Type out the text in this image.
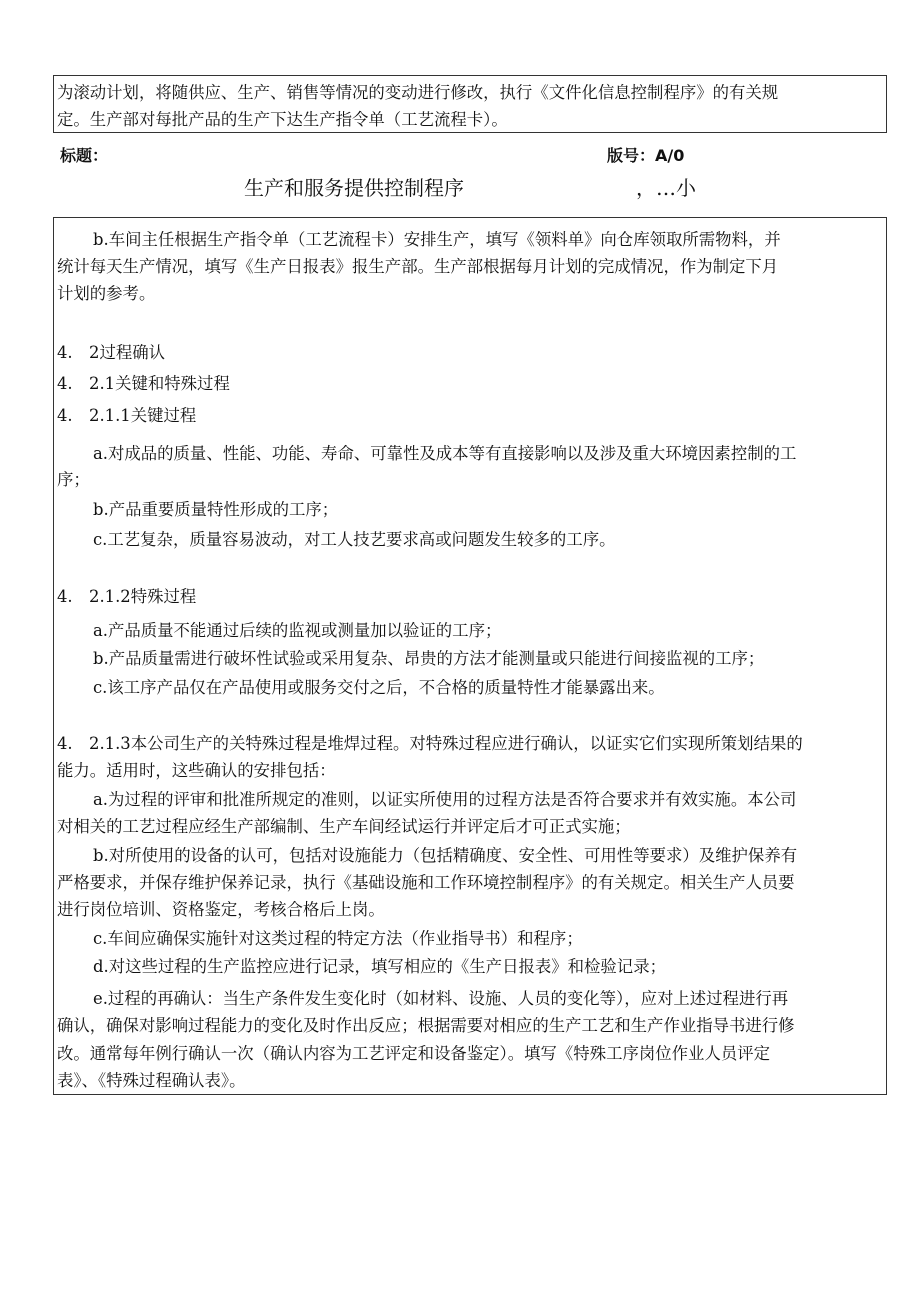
为滚动计划，将随供应、生产、销售等情况的变动进行修改，执行《文件化信息控制程序》的有关规
定。生产部对每批产品的生产下达生产指令单（工艺流程卡）。
标题：	版号：A/0
生产和服务提供控制程序	，…小
b.车间主任根据生产指令单（工艺流程卡）安排生产，填写《领料单》向仓库领取所需物料，并
统计每天生产情况，填写《生产日报表》报生产部。生产部根据每月计划的完成情况，作为制定下月
计划的参考。
4.　2过程确认
4.　2.1关键和特殊过程
4.　2.1.1关键过程
a.对成品的质量、性能、功能、寿命、可靠性及成本等有直接影响以及涉及重大环境因素控制的工
序；
b.产品重要质量特性形成的工序；
c.工艺复杂，质量容易波动，对工人技艺要求高或问题发生较多的工序。
4.　2.1.2特殊过程
a.产品质量不能通过后续的监视或测量加以验证的工序；
b.产品质量需进行破坏性试验或采用复杂、昂贵的方法才能测量或只能进行间接监视的工序；
c.该工序产品仅在产品使用或服务交付之后，不合格的质量特性才能暴露出来。
4.　2.1.3本公司生产的关特殊过程是堆焊过程。对特殊过程应进行确认，以证实它们实现所策划结果的
能力。适用时，这些确认的安排包括：
a.为过程的评审和批准所规定的准则，以证实所使用的过程方法是否符合要求并有效实施。本公司
对相关的工艺过程应经生产部编制、生产车间经试运行并评定后才可正式实施；
b.对所使用的设备的认可，包括对设施能力（包括精确度、安全性、可用性等要求）及维护保养有
严格要求，并保存维护保养记录，执行《基础设施和工作环境控制程序》的有关规定。相关生产人员要
进行岗位培训、资格鉴定，考核合格后上岗。
c.车间应确保实施针对这类过程的特定方法（作业指导书）和程序；
d.对这些过程的生产监控应进行记录，填写相应的《生产日报表》和检验记录；
e.过程的再确认：当生产条件发生变化时（如材料、设施、人员的变化等），应对上述过程进行再
确认，确保对影响过程能力的变化及时作出反应；根据需要对相应的生产工艺和生产作业指导书进行修
改。通常每年例行确认一次（确认内容为工艺评定和设备鉴定）。填写《特殊工序岗位作业人员评定
表》、《特殊过程确认表》。
